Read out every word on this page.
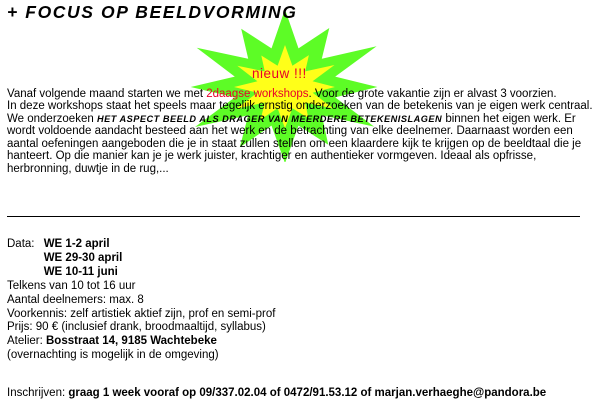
+ FOCUS OP BEELDVORMING
nieuw !!!

Vanaf volgende maand starten we met 2daagse workshops. Voor de grote vakantie zijn er alvast 3 voorzien.

In deze workshops staat het speels maar tegelijk ernstig onderzoeken van de betekenis van je eigen werk centraal. We onderzoeken HET ASPECT BEELD ALS DRAGER VAN MEERDERE BETEKENISLAGEN binnen het eigen werk. Er wordt voldoende aandacht besteed aan het werk en de betrachting van elke deelnemer. Daarnaast worden een aantal oefeningen aangeboden die je in staat zullen stellen om een klaardere kijk te krijgen op de beeldtaal die je hanteert. Op die manier kan je je werk juister, krachtiger en authentieker vormgeven. Ideaal als opfrisse, herbronning, duwtje in de rug,...

Data: WE 1-2 april
WE 29-30 april
WE 10-11 juni
Telkens van 10 tot 16 uur
Aantal deelnemers: max. 8
Voorkennis: zelf artistiek aktief zijn, prof en semi-prof
Prijs: 90 € (inclusief drank, broodmaaltijd, syllabus)
Atelier: Bosstraat 14, 9185 Wachtebeke
(overnachting is mogelijk in de omgeving)
Inschrijven: graag 1 week vooraf op 09/337.02.04 of 0472/91.53.12 of marjan.verhaeghe@pandora.be
